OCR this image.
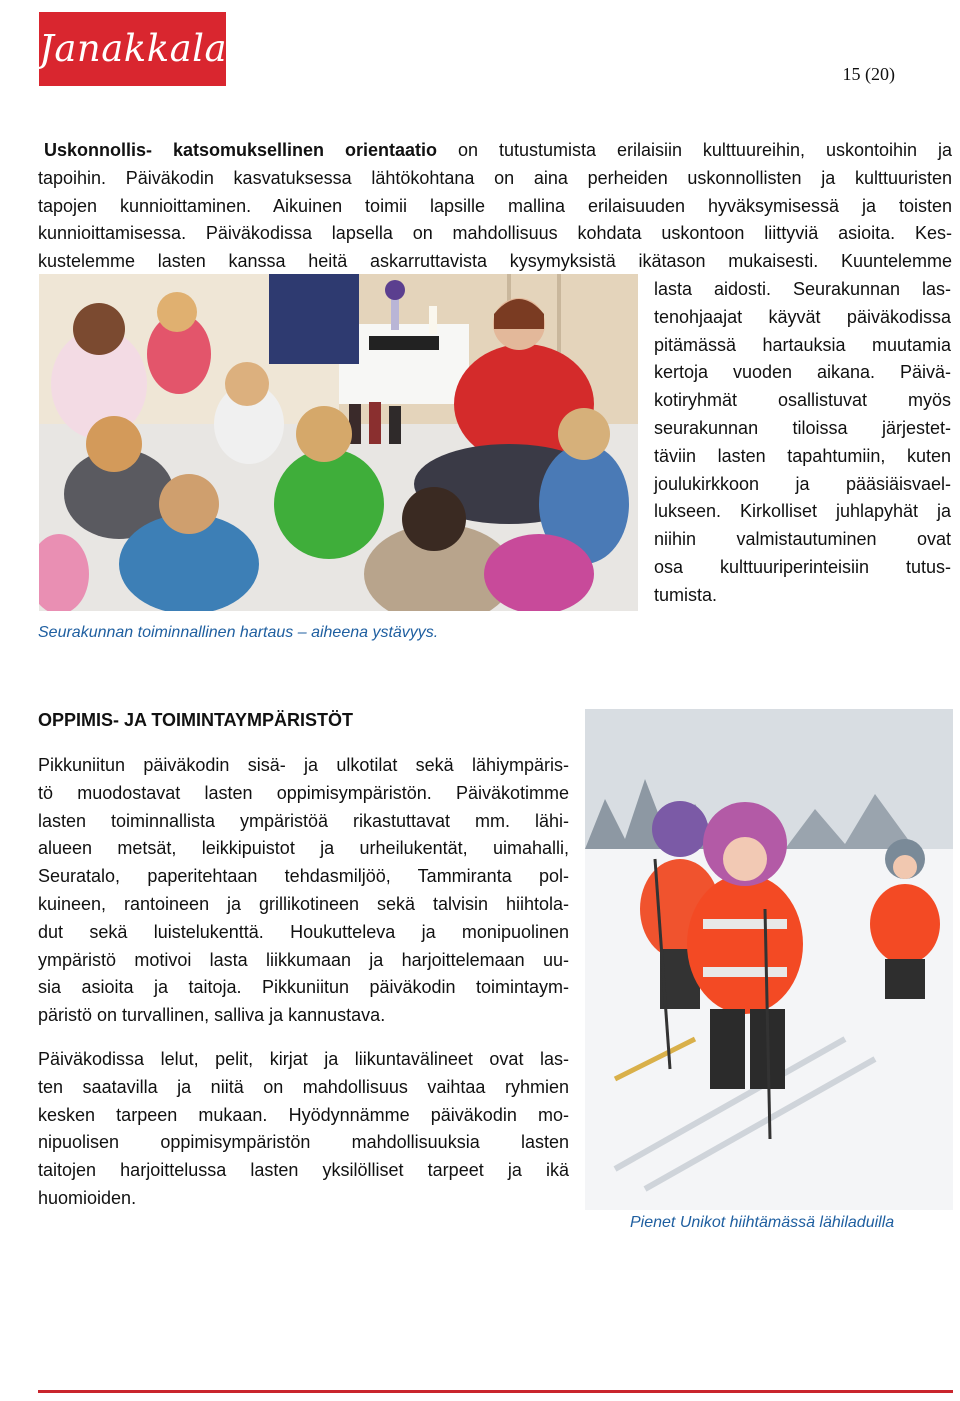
Janakkala
15 (20)
Uskonnollis- katsomuksellinen orientaatio on tutustumista erilaisiin kulttuureihin, uskontoihin ja
tapoihin. Päiväkodin kasvatuksessa lähtökohtana on aina perheiden uskonnollisten ja kulttuuristen
tapojen kunnioittaminen. Aikuinen toimii lapsille mallina erilaisuuden hyväksymisessä ja toisten
kunnioittamisessa. Päiväkodissa lapsella on mahdollisuus kohdata uskontoon liittyviä asioita. Kes-
kustelemme lasten kanssa heitä askarruttavista kysymyksistä ikätason mukaisesti. Kuuntelemme
lasta aidosti. Seurakunnan las-
tenohjaajat käyvät päiväkodissa
pitämässä hartauksia muutamia
kertoja vuoden aikana. Päivä-
kotiryhmät osallistuvat myös
seurakunnan tiloissa järjestet-
täviin lasten tapahtumiin, kuten
joulukirkkoon ja pääsiäisvael-
lukseen. Kirkolliset juhlapyhät ja
niihin valmistautuminen ovat
osa kulttuuriperinteisiin tutus-
tumista.
Seurakunnan toiminnallinen hartaus – aiheena ystävyys.
OPPIMIS- JA TOIMINTAYMPÄRISTÖT
Pikkuniitun päiväkodin sisä- ja ulkotilat sekä lähiympäris-
tö muodostavat lasten oppimisympäristön. Päiväkotimme
lasten toiminnallista ympäristöä rikastuttavat mm. lähi-
alueen metsät, leikkipuistot ja urheilukentät, uimahalli,
Seuratalo, paperitehtaan tehdasmiljöö, Tammiranta pol-
kuineen, rantoineen ja grillikotineen sekä talvisin hiihtola-
dut sekä luistelukenttä. Houkutteleva ja monipuolinen
ympäristö motivoi lasta liikkumaan ja harjoittelemaan uu-
sia asioita ja taitoja. Pikkuniitun päiväkodin toimintaym-
päristö on turvallinen, salliva ja kannustava.
Päiväkodissa lelut, pelit, kirjat ja liikuntavälineet ovat las-
ten saatavilla ja niitä on mahdollisuus vaihtaa ryhmien
kesken tarpeen mukaan. Hyödynnämme päiväkodin mo-
nipuolisen oppimisympäristön mahdollisuuksia lasten
taitojen harjoittelussa lasten yksilölliset tarpeet ja ikä
huomioiden.
Pienet Unikot hiihtämässä lähiladuilla
